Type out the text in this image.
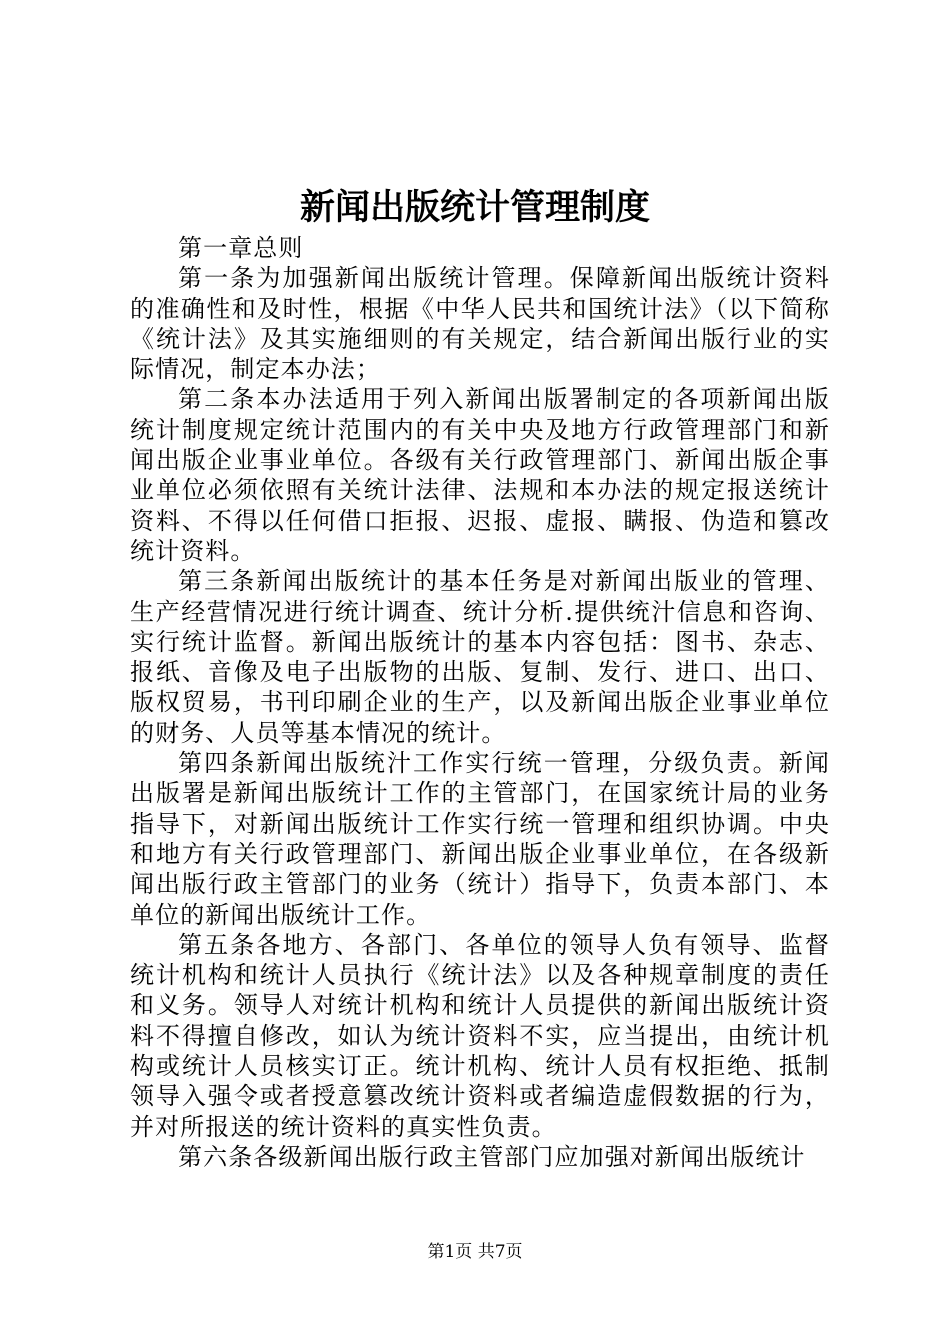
新闻出版统计管理制度

第一章总则

第一条为加强新闻出版统计管理。保障新闻出版统计资料的准确性和及时性，根据《中华人民共和国统计法》（以下简称《统计法》及其实施细则的有关规定，结合新闻出版行业的实际情况，制定本办法；

第二条本办法适用于列入新闻出版署制定的各项新闻出版统计制度规定统计范围内的有关中央及地方行政管理部门和新闻出版企业事业单位。各级有关行政管理部门、新闻出版企事业单位必须依照有关统计法律、法规和本办法的规定报送统计资料、不得以任何借口拒报、迟报、虚报、瞒报、伪造和篡改统计资料。

第三条新闻出版统计的基本任务是对新闻出版业的管理、生产经营情况进行统计调查、统计分析.提供统汁信息和咨询、实行统计监督。新闻出版统计的基本内容包括：图书、杂志、报纸、音像及电子出版物的出版、复制、发行、进口、出口、版权贸易，书刊印刷企业的生产，以及新闻出版企业事业单位的财务、人员等基本情况的统计。

第四条新闻出版统汁工作实行统一管理，分级负责。新闻出版署是新闻出版统计工作的主管部门，在国家统计局的业务指导下，对新闻出版统计工作实行统一管理和组织协调。中央和地方有关行政管理部门、新闻出版企业事业单位，在各级新闻出版行政主管部门的业务（统计）指导下，负责本部门、本单位的新闻出版统计工作。

第五条各地方、各部门、各单位的领导人负有领导、监督统计机构和统计人员执行《统计法》以及各种规章制度的责任和义务。领导人对统计机构和统计人员提供的新闻出版统计资料不得擅自修改，如认为统计资料不实，应当提出，由统计机构或统计人员核实订正。统计机构、统计人员有权拒绝、抵制领导入强令或者授意篡改统计资料或者编造虚假数据的行为，并对所报送的统计资料的真实性负责。

第六条各级新闻出版行政主管部门应加强对新闻出版统计

第1页 共7页
